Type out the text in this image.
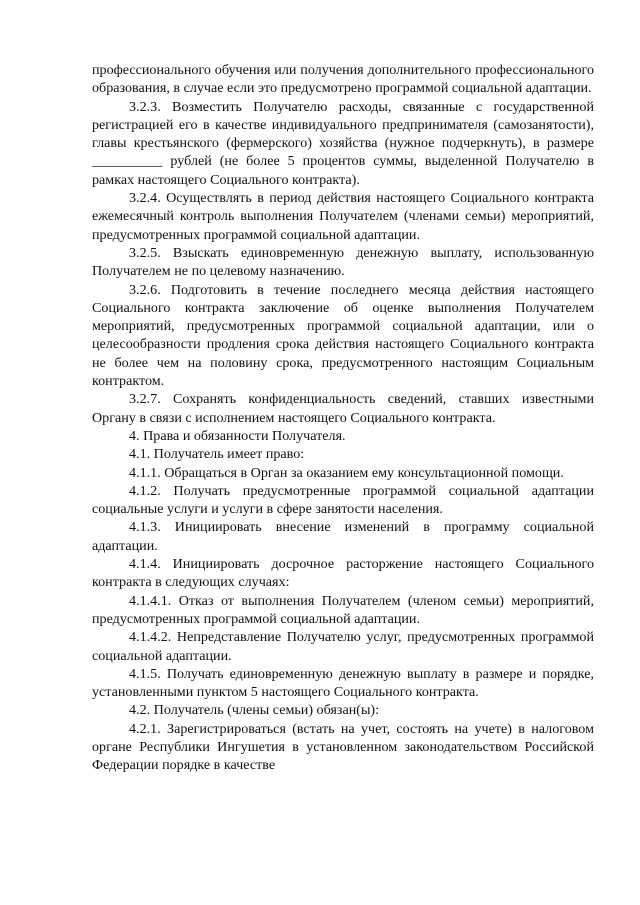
профессионального обучения или получения дополнительного профессионального образования, в случае если это предусмотрено программой социальной адаптации.

3.2.3. Возместить Получателю расходы, связанные с государственной регистрацией его в качестве индивидуального предпринимателя (самозанятости), главы крестьянского (фермерского) хозяйства (нужное подчеркнуть), в размере __________ рублей (не более 5 процентов суммы, выделенной Получателю в рамках настоящего Социального контракта).

3.2.4. Осуществлять в период действия настоящего Социального контракта ежемесячный контроль выполнения Получателем (членами семьи) мероприятий, предусмотренных программой социальной адаптации.

3.2.5. Взыскать единовременную денежную выплату, использованную Получателем не по целевому назначению.

3.2.6. Подготовить в течение последнего месяца действия настоящего Социального контракта заключение об оценке выполнения Получателем мероприятий, предусмотренных программой социальной адаптации, или о целесообразности продления срока действия настоящего Социального контракта не более чем на половину срока, предусмотренного настоящим Социальным контрактом.

3.2.7. Сохранять конфиденциальность сведений, ставших известными Органу в связи с исполнением настоящего Социального контракта.

4. Права и обязанности Получателя.

4.1. Получатель имеет право:

4.1.1. Обращаться в Орган за оказанием ему консультационной помощи.

4.1.2. Получать предусмотренные программой социальной адаптации социальные услуги и услуги в сфере занятости населения.

4.1.3. Инициировать внесение изменений в программу социальной адаптации.

4.1.4. Инициировать досрочное расторжение настоящего Социального контракта в следующих случаях:

4.1.4.1. Отказ от выполнения Получателем (членом семьи) мероприятий, предусмотренных программой социальной адаптации.

4.1.4.2. Непредставление Получателю услуг, предусмотренных программой социальной адаптации.

4.1.5. Получать единовременную денежную выплату в размере и порядке, установленными пунктом 5 настоящего Социального контракта.

4.2. Получатель (члены семьи) обязан(ы):

4.2.1. Зарегистрироваться (встать на учет, состоять на учете) в налоговом органе Республики Ингушетия в установленном законодательством Российской Федерации порядке в качестве
